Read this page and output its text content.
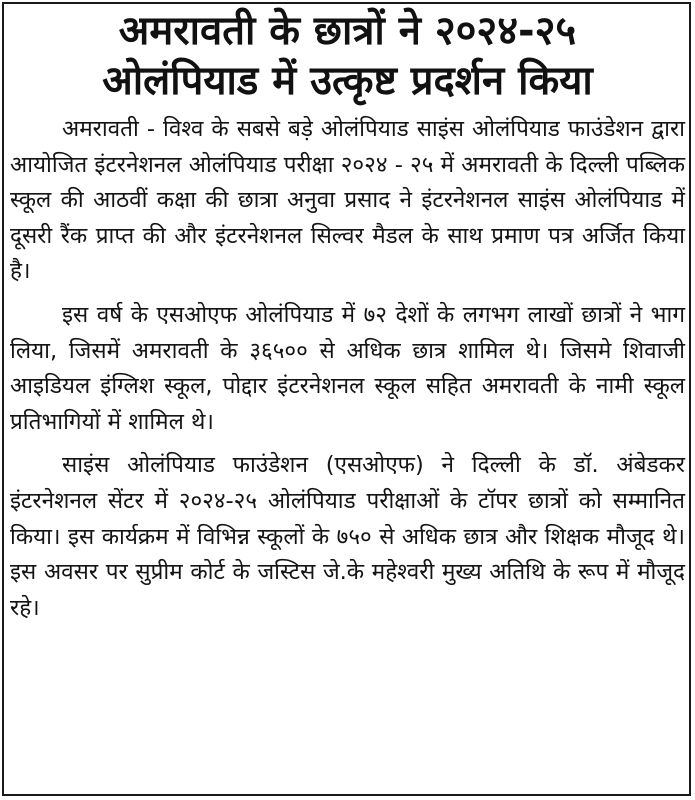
अमरावती के छात्रों ने २०२४-२५
ओलंपियाड में उत्कृष्ट प्रदर्शन किया

अमरावती - विश्व के सबसे बड़े ओलंपियाड साइंस ओलंपियाड फाउंडेशन द्वारा आयोजित इंटरनेशनल ओलंपियाड परीक्षा २०२४ - २५ में अमरावती के दिल्ली पब्लिक स्कूल की आठवीं कक्षा की छात्रा अनुवा प्रसाद ने इंटरनेशनल साइंस ओलंपियाड में दूसरी रैंक प्राप्त की और इंटरनेशनल सिल्वर मैडल के साथ प्रमाण पत्र अर्जित किया है।

इस वर्ष के एसओएफ ओलंपियाड में ७२ देशों के लगभग लाखों छात्रों ने भाग लिया, जिसमें अमरावती के ३६५०० से अधिक छात्र शामिल थे। जिसमे शिवाजी आइडियल इंग्लिश स्कूल, पोद्दार इंटरनेशनल स्कूल सहित अमरावती के नामी स्कूल प्रतिभागियों में शामिल थे।

साइंस ओलंपियाड फाउंडेशन (एसओएफ) ने दिल्ली के डॉ. अंबेडकर इंटरनेशनल सेंटर में २०२४-२५ ओलंपियाड परीक्षाओं के टॉपर छात्रों को सम्मानित किया। इस कार्यक्रम में विभिन्न स्कूलों के ७५० से अधिक छात्र और शिक्षक मौजूद थे। इस अवसर पर सुप्रीम कोर्ट के जस्टिस जे.के महेश्वरी मुख्य अतिथि के रूप में मौजूद रहे।
